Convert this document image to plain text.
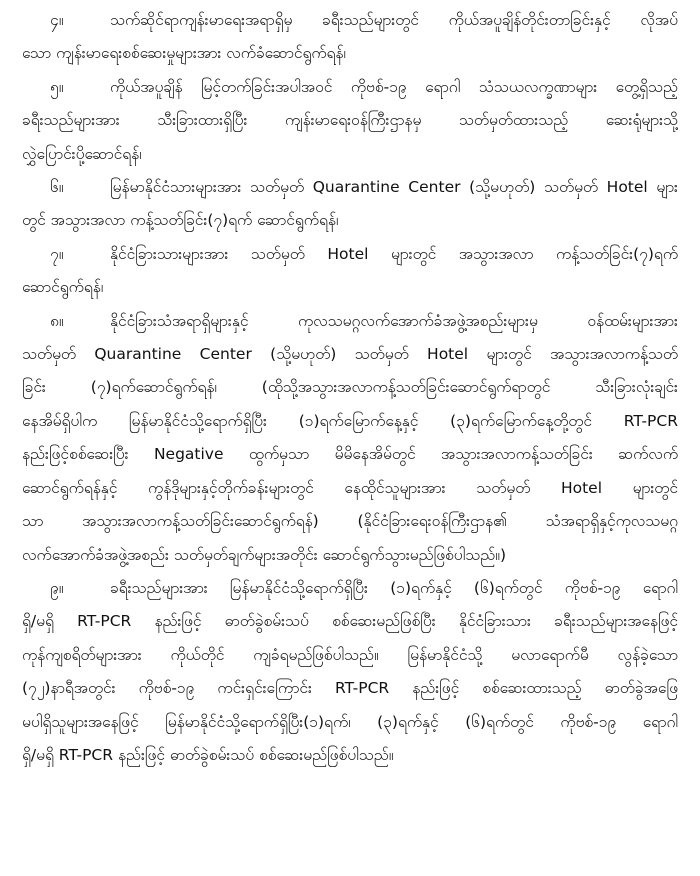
၄။	သက်ဆိုင်ရာကျန်းမာရေးအရာရှိမှ ခရီးသည်များတွင် ကိုယ်အပူချိန်တိုင်းတာခြင်းနှင့် လိုအပ်
သော ကျန်းမာရေးစစ်ဆေးမှုများအား လက်ခံဆောင်ရွက်ရန်၊
၅။	ကိုယ်အပူချိန် မြင့်တက်ခြင်းအပါအဝင် ကိုဗစ်-၁၉ ရောဂါ သံသယလက္ခဏာများ တွေ့ရှိသည့်
ခရီးသည်များအား သီးခြားထားရှိပြီး ကျန်းမာရေးဝန်ကြီးဌာနမှ သတ်မှတ်ထားသည့် ဆေးရုံများသို့
လွှဲပြောင်းပို့ဆောင်ရန်၊
၆။	မြန်မာနိုင်ငံသားများအား သတ်မှတ် Quarantine Center (သို့မဟုတ်) သတ်မှတ် Hotel များ
တွင် အသွားအလာ ကန့်သတ်ခြင်း(၇)ရက် ဆောင်ရွက်ရန်၊
၇။	နိုင်ငံခြားသားများအား သတ်မှတ် Hotel များတွင် အသွားအလာ ကန့်သတ်ခြင်း(၇)ရက်
ဆောင်ရွက်ရန်၊
၈။	နိုင်ငံခြားသံအရာရှိများနှင့် ကုလသမဂ္ဂလက်အောက်ခံအဖွဲ့အစည်းများမှ ဝန်ထမ်းများအား
သတ်မှတ် Quarantine Center (သို့မဟုတ်) သတ်မှတ် Hotel များတွင် အသွားအလာကန့်သတ်
ခြင်း (၇)ရက်ဆောင်ရွက်ရန်၊ (ထိုသို့အသွားအလာကန့်သတ်ခြင်းဆောင်ရွက်ရာတွင် သီးခြားလုံးချင်း
နေအိမ်ရှိပါက မြန်မာနိုင်ငံသို့ရောက်ရှိပြီး (၁)ရက်မြောက်နေ့နှင့် (၃)ရက်မြောက်နေ့တို့တွင် RT-PCR
နည်းဖြင့်စစ်ဆေးပြီး Negative ထွက်မှသာ မိမိနေအိမ်တွင် အသွားအလာကန့်သတ်ခြင်း ဆက်လက်
ဆောင်ရွက်ရန်နှင့် ကွန်ဒိုများနှင့်တိုက်ခန်းများတွင် နေထိုင်သူများအား သတ်မှတ် Hotel များတွင်
သာ အသွားအလာကန့်သတ်ခြင်းဆောင်ရွက်ရန်) (နိုင်ငံခြားရေးဝန်ကြီးဌာန၏ သံအရာရှိနှင့်ကုလသမဂ္ဂ
လက်အောက်ခံအဖွဲ့အစည်း သတ်မှတ်ချက်များအတိုင်း ဆောင်ရွက်သွားမည်ဖြစ်ပါသည်။)
၉။	ခရီးသည်များအား မြန်မာနိုင်ငံသို့ရောက်ရှိပြီး (၁)ရက်နှင့် (၆)ရက်တွင် ကိုဗစ်-၁၉ ရောဂါ
ရှိ/မရှိ RT-PCR နည်းဖြင့် ဓာတ်ခွဲစမ်းသပ် စစ်ဆေးမည်ဖြစ်ပြီး နိုင်ငံခြားသား ခရီးသည်များအနေဖြင့်
ကုန်ကျစရိတ်များအား ကိုယ်တိုင် ကျခံရမည်ဖြစ်ပါသည်။ မြန်မာနိုင်ငံသို့ မလာရောက်မီ လွန်ခဲ့သော
(၇၂)နာရီအတွင်း ကိုဗစ်-၁၉ ကင်းရှင်းကြောင်း RT-PCR နည်းဖြင့် စစ်ဆေးထားသည့် ဓာတ်ခွဲအဖြေ
မပါရှိသူများအနေဖြင့် မြန်မာနိုင်ငံသို့ရောက်ရှိပြီး(၁)ရက်၊ (၃)ရက်နှင့် (၆)ရက်တွင် ကိုဗစ်-၁၉ ရောဂါ
ရှိ/မရှိ RT-PCR နည်းဖြင့် ဓာတ်ခွဲစမ်းသပ် စစ်ဆေးမည်ဖြစ်ပါသည်။
